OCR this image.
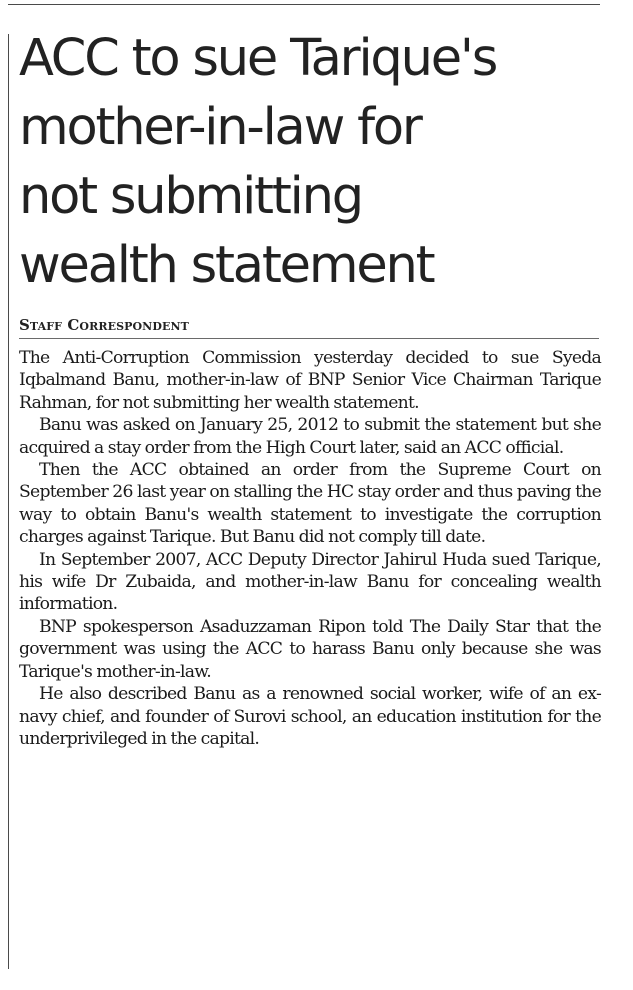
ACC to sue Tarique's
mother-in-law for
not submitting
wealth statement
Staff Correspondent

The Anti-Corruption Commission yesterday decided to sue Syeda Iqbalmand Banu, mother-in-law of BNP Senior Vice Chairman Tarique Rahman, for not submitting her wealth statement.

Banu was asked on January 25, 2012 to submit the statement but she acquired a stay order from the High Court later, said an ACC official.

Then the ACC obtained an order from the Supreme Court on September 26 last year on stalling the HC stay order and thus paving the way to obtain Banu's wealth statement to investigate the corruption charges against Tarique. But Banu did not comply till date.

In September 2007, ACC Deputy Director Jahirul Huda sued Tarique, his wife Dr Zubaida, and mother-in-law Banu for concealing wealth information.

BNP spokesperson Asaduzzaman Ripon told The Daily Star that the government was using the ACC to harass Banu only because she was Tarique's mother-in-law.

He also described Banu as a renowned social worker, wife of an ex-navy chief, and founder of Surovi school, an education institution for the underprivileged in the capital.
